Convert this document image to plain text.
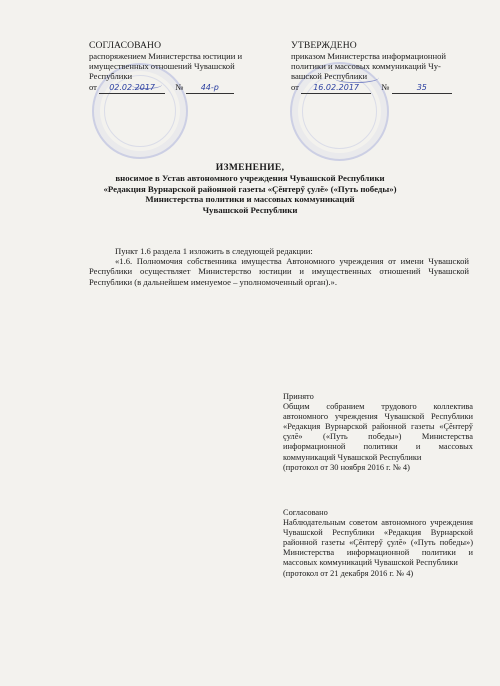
СОГЛАСОВАНО
распоряжением Министерства юстиции и
имущественных отношений Чувашской
Республики
от 02.02.2017 № 44-р
УТВЕРЖДЕНО
приказом Министерства информационной
политики и массовых коммуникаций Чу-
вашской Республики
от 16.02.2017	№	35
ИЗМЕНЕНИЕ,
вносимое в Устав автономного учреждения Чувашской Республики
«Редакция Вурнарской районной газеты «Çĕнтерӳ çулĕ» («Путь победы»)
Министерства политики и массовых коммуникаций
Чувашской Республики

Пункт 1.6 раздела 1 изложить в следующей редакции:

«1.6. Полномочия собственника имущества Автономного учреждения от имени Чувашской Республики осуществляет Министерство юстиции и имущественных отношений Чувашской Республики (в дальнейшем именуемое – уполномоченный орган).».

Принято

Общим собранием трудового коллектива автономного учреждения Чувашской Республики «Редакция Вурнарской районной газеты «Çĕнтерӳ çулĕ» («Путь победы») Министерства информационной политики и массовых коммуникаций Чувашской Республики

(протокол от 30 ноября 2016 г. № 4)

Согласовано

Наблюдательным советом автономного учреждения Чувашской Республики «Редакция Вурнарской районной газеты «Çĕнтерӳ çулĕ» («Путь победы») Министерства информационной политики и массовых коммуникаций Чувашской Республики

(протокол от 21 декабря 2016 г. № 4)
